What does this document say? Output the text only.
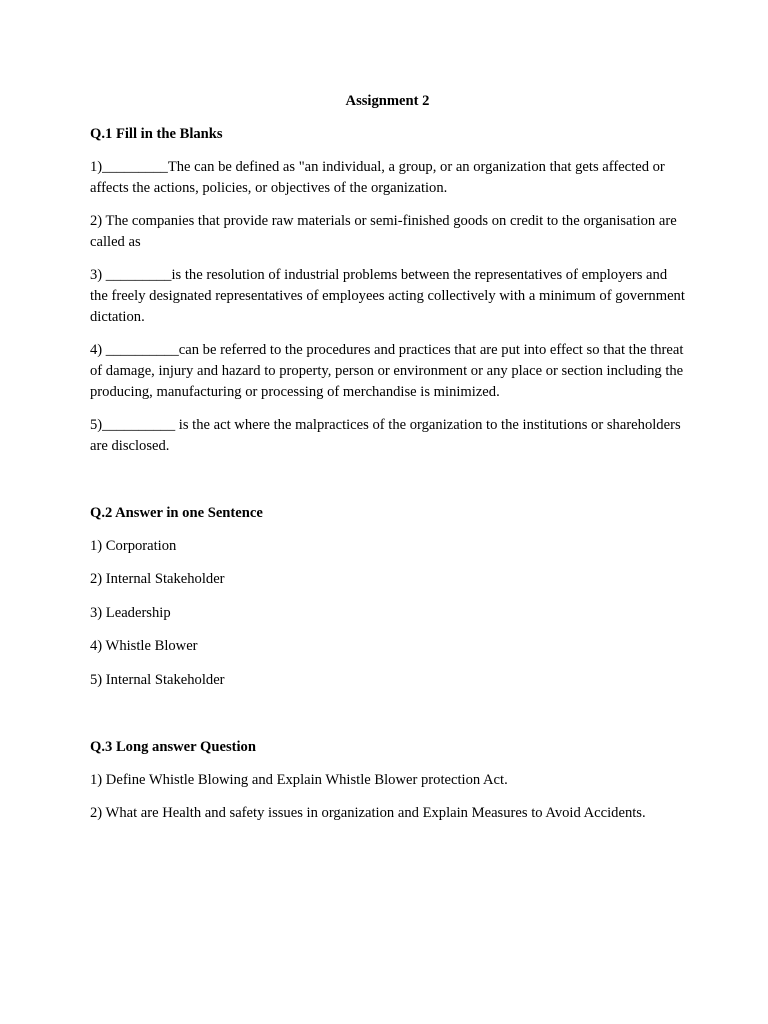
Assignment 2
Q.1 Fill in the Blanks
1)_________The can be defined as "an individual, a group, or an organization that gets affected or affects the actions, policies, or objectives of the organization.
2) The companies that provide raw materials or semi-finished goods on credit to the organisation are called as
3) _________is the resolution of industrial problems between the representatives of employers and the freely designated representatives of employees acting collectively with a minimum of government dictation.
4) __________can be referred to the procedures and practices that are put into effect so that the threat of damage, injury and hazard to property, person or environment or any place or section including the producing, manufacturing or processing of merchandise is minimized.
5)__________ is the act where the malpractices of the organization to the institutions or shareholders are disclosed.
Q.2 Answer in one Sentence
1) Corporation
2) Internal Stakeholder
3) Leadership
4) Whistle Blower
5) Internal Stakeholder
Q.3 Long answer Question
1) Define Whistle Blowing and Explain Whistle Blower protection Act.
2) What are Health and safety issues in organization and Explain Measures to Avoid Accidents.
